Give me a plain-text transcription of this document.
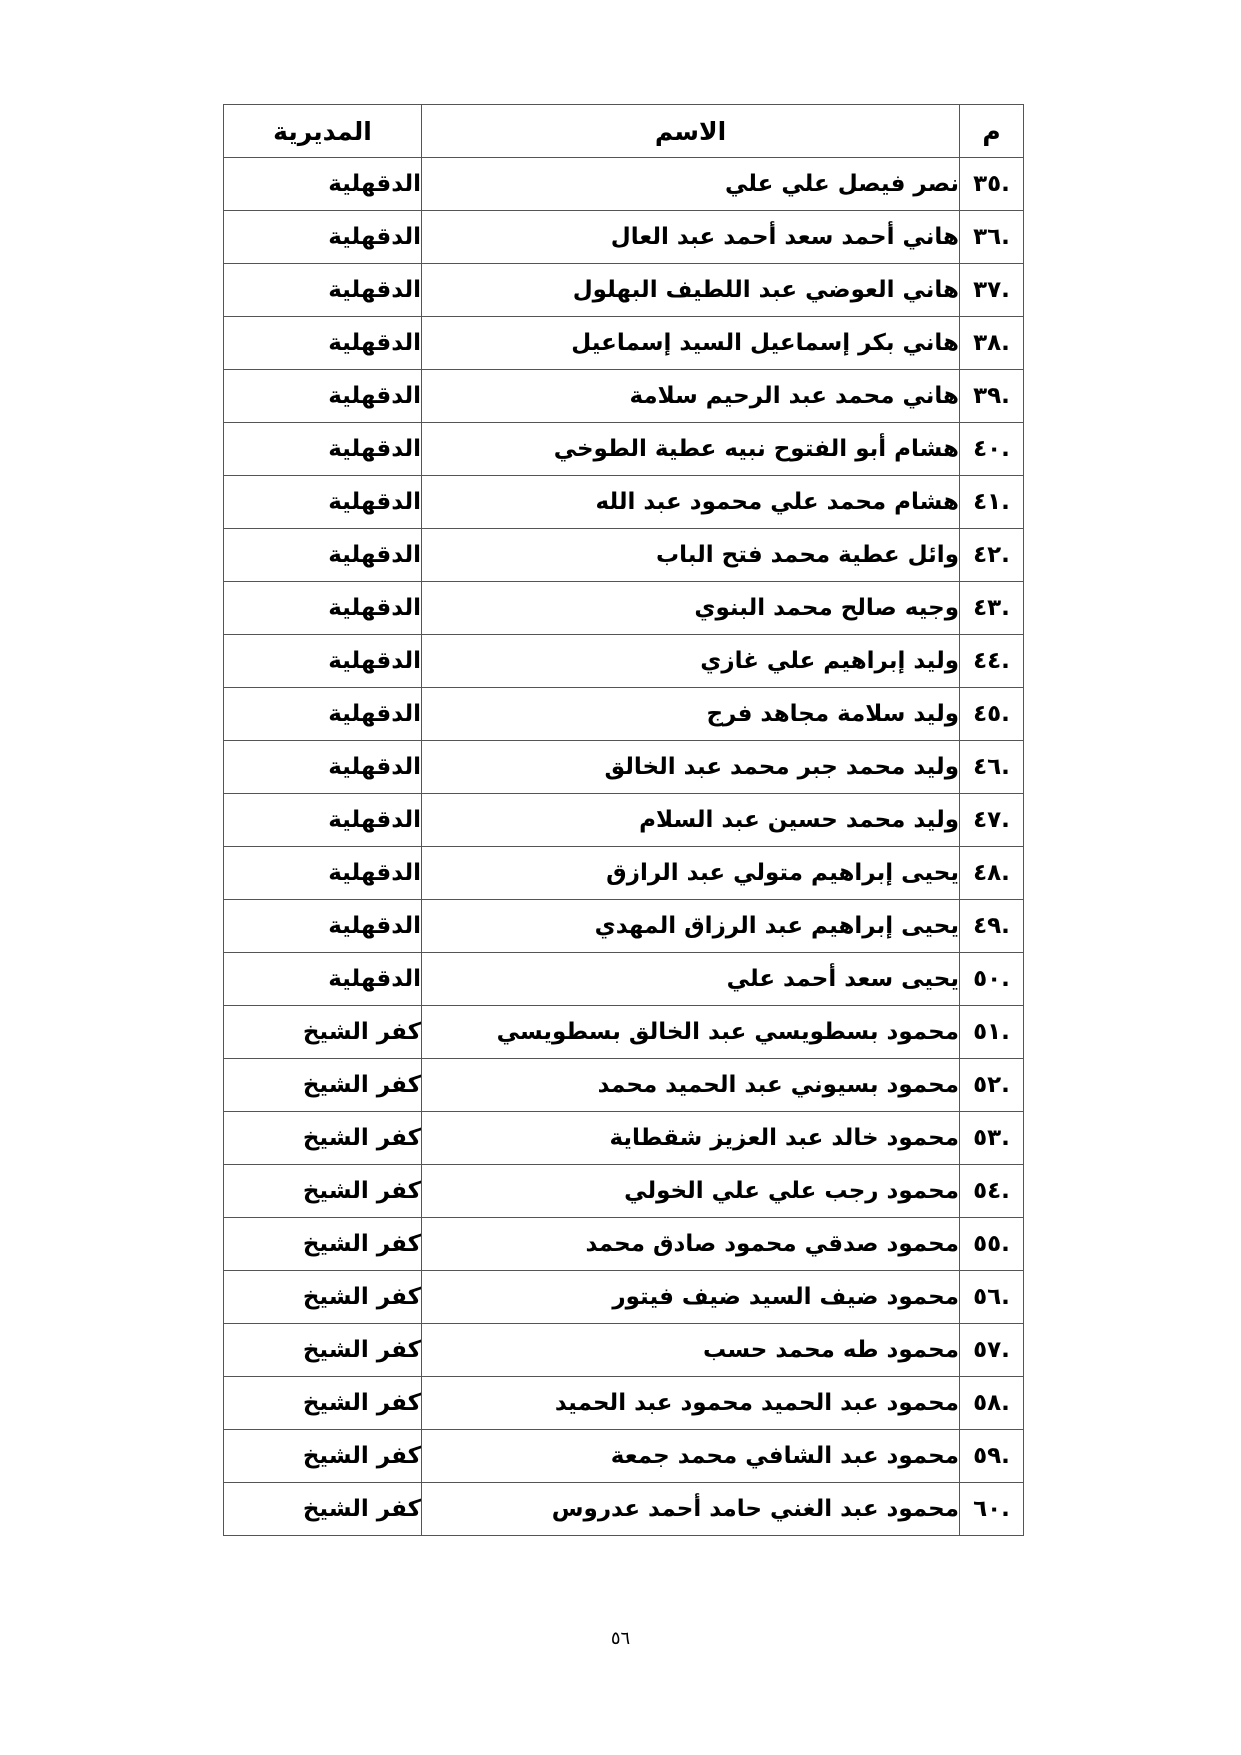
م	الاسم	المديرية
.٣٥	نصر فيصل علي علي	الدقهلية
.٣٦	هاني أحمد سعد أحمد عبد العال	الدقهلية
.٣٧	هاني العوضي عبد اللطيف البهلول	الدقهلية
.٣٨	هاني بكر إسماعيل السيد إسماعيل	الدقهلية
.٣٩	هاني محمد عبد الرحيم سلامة	الدقهلية
.٤٠	هشام أبو الفتوح نبيه عطية الطوخي	الدقهلية
.٤١	هشام محمد علي محمود عبد الله	الدقهلية
.٤٢	وائل عطية محمد فتح الباب	الدقهلية
.٤٣	وجيه صالح محمد البنوي	الدقهلية
.٤٤	وليد إبراهيم علي غازي	الدقهلية
.٤٥	وليد سلامة مجاهد فرج	الدقهلية
.٤٦	وليد محمد جبر محمد عبد الخالق	الدقهلية
.٤٧	وليد محمد حسين عبد السلام	الدقهلية
.٤٨	يحيى إبراهيم متولي عبد الرازق	الدقهلية
.٤٩	يحيى إبراهيم عبد الرزاق المهدي	الدقهلية
.٥٠	يحيى سعد أحمد علي	الدقهلية
.٥١	محمود بسطويسي عبد الخالق بسطويسي	كفر الشيخ
.٥٢	محمود بسيوني عبد الحميد محمد	كفر الشيخ
.٥٣	محمود خالد عبد العزيز شقطاية	كفر الشيخ
.٥٤	محمود رجب علي علي الخولي	كفر الشيخ
.٥٥	محمود صدقي محمود صادق محمد	كفر الشيخ
.٥٦	محمود ضيف السيد ضيف فيتور	كفر الشيخ
.٥٧	محمود طه محمد حسب	كفر الشيخ
.٥٨	محمود عبد الحميد محمود عبد الحميد	كفر الشيخ
.٥٩	محمود عبد الشافي محمد جمعة	كفر الشيخ
.٦٠	محمود عبد الغني حامد أحمد عدروس	كفر الشيخ
٥٦
